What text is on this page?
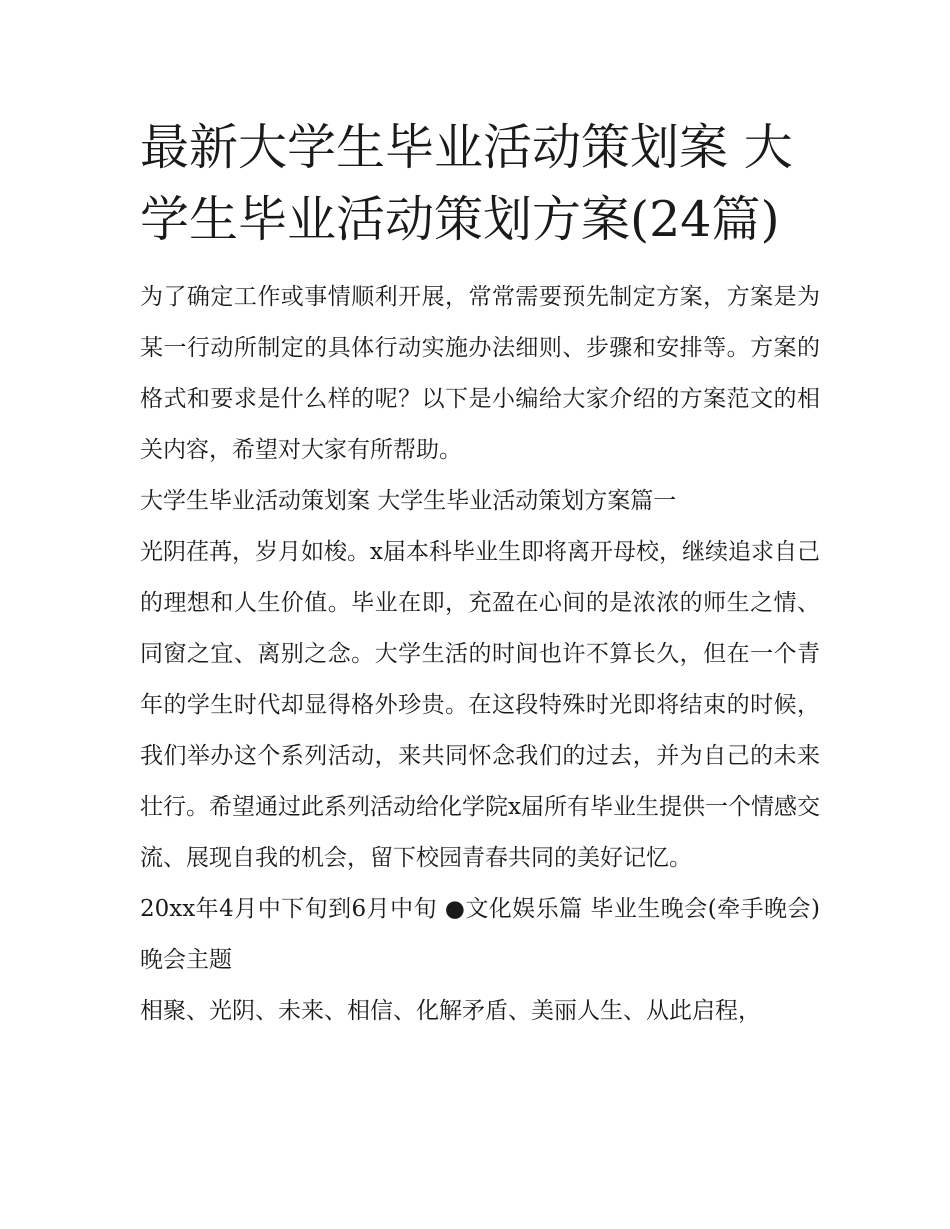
最新大学生毕业活动策划案 大学生毕业活动策划方案(24篇)

为了确定工作或事情顺利开展，常常需要预先制定方案，方案是为某一行动所制定的具体行动实施办法细则、步骤和安排等。方案的格式和要求是什么样的呢？以下是小编给大家介绍的方案范文的相关内容，希望对大家有所帮助。

大学生毕业活动策划案 大学生毕业活动策划方案篇一

光阴荏苒，岁月如梭。x届本科毕业生即将离开母校，继续追求自己的理想和人生价值。毕业在即，充盈在心间的是浓浓的师生之情、同窗之宜、离别之念。大学生活的时间也许不算长久，但在一个青年的学生时代却显得格外珍贵。在这段特殊时光即将结束的时候，我们举办这个系列活动，来共同怀念我们的过去，并为自己的未来壮行。希望通过此系列活动给化学院x届所有毕业生提供一个情感交流、展现自我的机会，留下校园青春共同的美好记忆。

20xx年4月中下旬到6月中旬 ●文化娱乐篇 毕业生晚会(牵手晚会)晚会主题

相聚、光阴、未来、相信、化解矛盾、美丽人生、从此启程，
